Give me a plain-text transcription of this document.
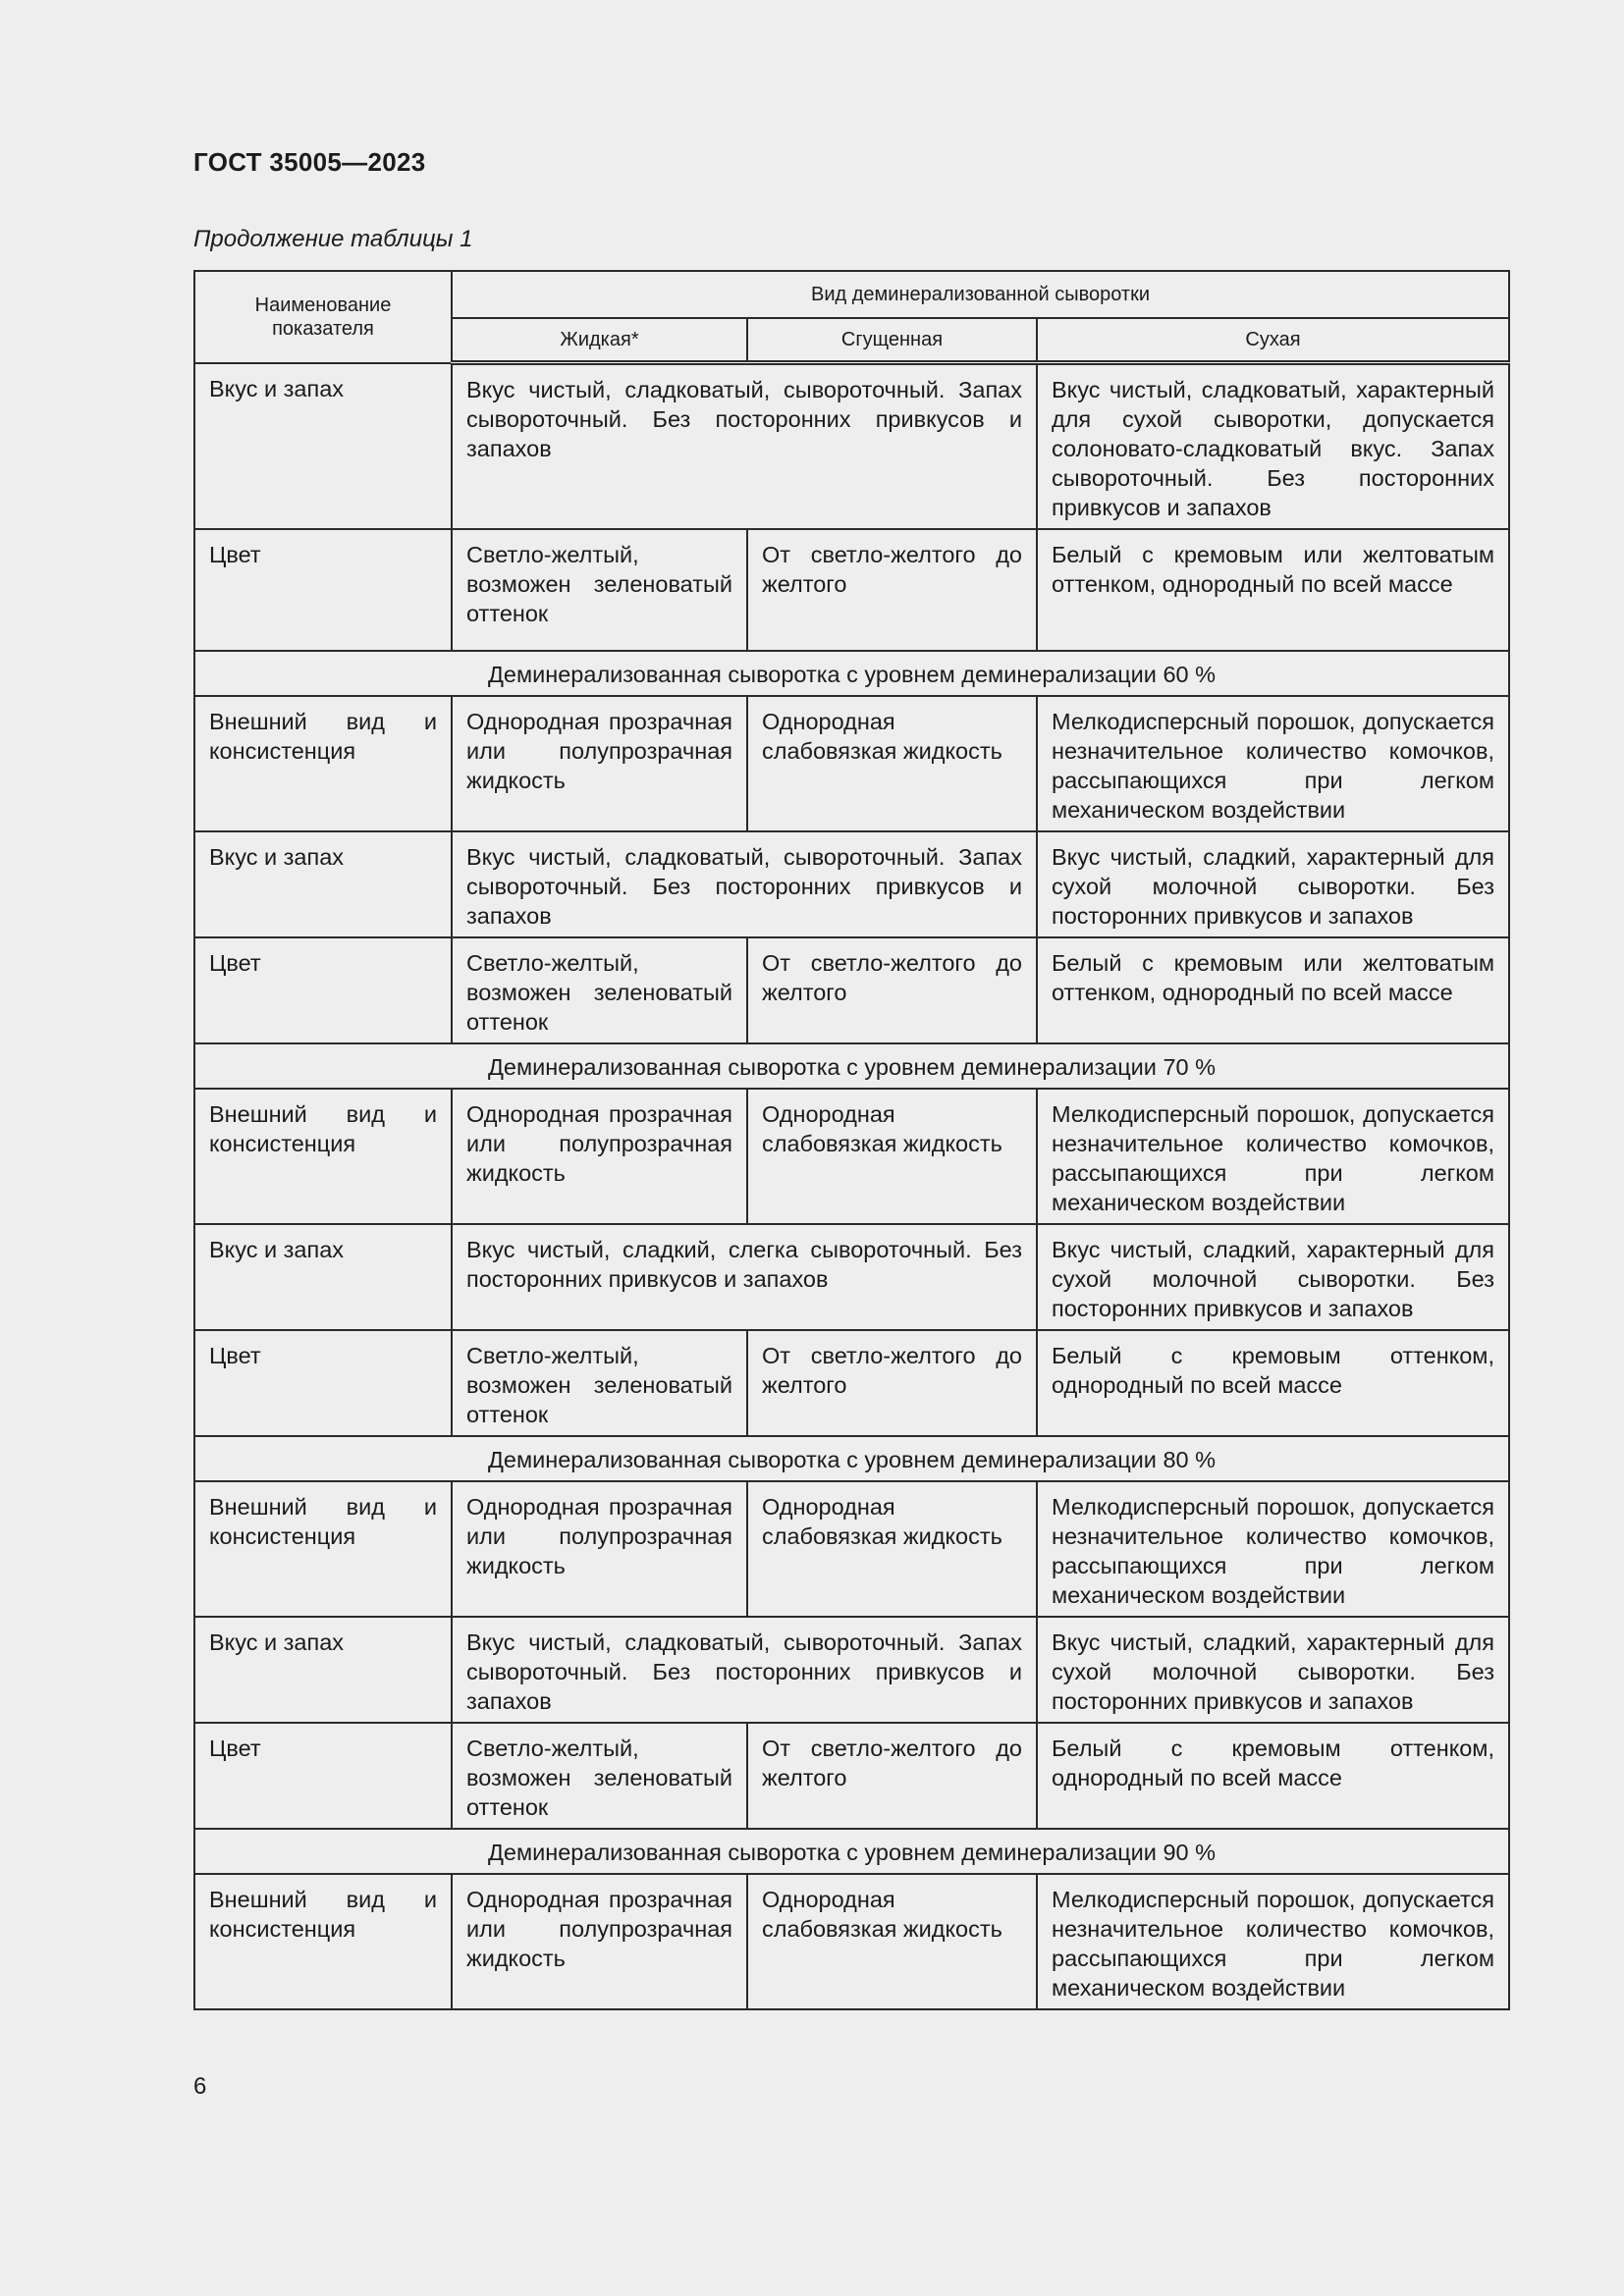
ГОСТ 35005—2023
Продолжение таблицы 1
Наименование показателя	Вид деминерализованной сыворотки		
	Жидкая*	Сгущенная	Сухая
Вкус и запах	Вкус чистый, сладковатый, сывороточный. Запах сывороточный. Без посторонних привкусов и запахов		Вкус чистый, сладковатый, характерный для сухой сыворотки, допускается солоновато-сладковатый вкус. Запах сывороточный. Без посторонних привкусов и запахов
Цвет	Светло-желтый, возможен зеленоватый оттенок	От светло-желтого до желтого	Белый с кремовым или желтоватым оттенком, однородный по всей массе
Деминерализованная сыворотка с уровнем деминерализации 60 %			
Внешний вид и консистенция	Однородная прозрачная или полупрозрачная жидкость	Однородная слабовязкая жидкость	Мелкодисперсный порошок, допускается незначительное количество комочков, рассыпающихся при легком механическом воздействии
Вкус и запах	Вкус чистый, сладковатый, сывороточный. Запах сывороточный. Без посторонних привкусов и запахов		Вкус чистый, сладкий, характерный для сухой молочной сыворотки. Без посторонних привкусов и запахов
Цвет	Светло-желтый, возможен зеленоватый оттенок	От светло-желтого до желтого	Белый с кремовым или желтоватым оттенком, однородный по всей массе
Деминерализованная сыворотка с уровнем деминерализации 70 %			
Внешний вид и консистенция	Однородная прозрачная или полупрозрачная жидкость	Однородная слабовязкая жидкость	Мелкодисперсный порошок, допускается незначительное количество комочков, рассыпающихся при легком механическом воздействии
Вкус и запах	Вкус чистый, сладкий, слегка сывороточный. Без посторонних привкусов и запахов		Вкус чистый, сладкий, характерный для сухой молочной сыворотки. Без посторонних привкусов и запахов
Цвет	Светло-желтый, возможен зеленоватый оттенок	От светло-желтого до желтого	Белый с кремовым оттенком, однородный по всей массе
Деминерализованная сыворотка с уровнем деминерализации 80 %			
Внешний вид и консистенция	Однородная прозрачная или полупрозрачная жидкость	Однородная слабовязкая жидкость	Мелкодисперсный порошок, допускается незначительное количество комочков, рассыпающихся при легком механическом воздействии
Вкус и запах	Вкус чистый, сладковатый, сывороточный. Запах сывороточный. Без посторонних привкусов и запахов		Вкус чистый, сладкий, характерный для сухой молочной сыворотки. Без посторонних привкусов и запахов
Цвет	Светло-желтый, возможен зеленоватый оттенок	От светло-желтого до желтого	Белый с кремовым оттенком, однородный по всей массе
Деминерализованная сыворотка с уровнем деминерализации 90 %			
Внешний вид и консистенция	Однородная прозрачная или полупрозрачная жидкость	Однородная слабовязкая жидкость	Мелкодисперсный порошок, допускается незначительное количество комочков, рассыпающихся при легком механическом воздействии
6
